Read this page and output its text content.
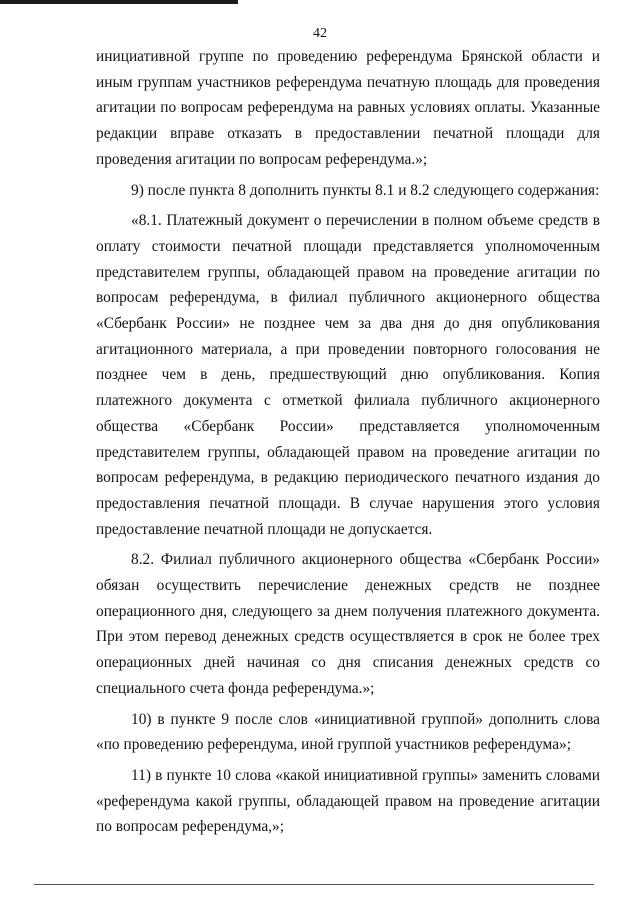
42

инициативной группе по проведению референдума Брянской области и иным группам участников референдума печатную площадь для проведения агитации по вопросам референдума на равных условиях оплаты. Указанные редакции вправе отказать в предоставлении печатной площади для проведения агитации по вопросам референдума.»;

9) после пункта 8 дополнить пункты 8.1 и 8.2 следующего содержания:

«8.1. Платежный документ о перечислении в полном объеме средств в оплату стоимости печатной площади представляется уполномоченным представителем группы, обладающей правом на проведение агитации по вопросам референдума, в филиал публичного акционерного общества «Сбербанк России» не позднее чем за два дня до дня опубликования агитационного материала, а при проведении повторного голосования не позднее чем в день, предшествующий дню опубликования. Копия платежного документа с отметкой филиала публичного акционерного общества «Сбербанк России» представляется уполномоченным представителем группы, обладающей правом на проведение агитации по вопросам референдума, в редакцию периодического печатного издания до предоставления печатной площади. В случае нарушения этого условия предоставление печатной площади не допускается.

8.2. Филиал публичного акционерного общества «Сбербанк России» обязан осуществить перечисление денежных средств не позднее операционного дня, следующего за днем получения платежного документа. При этом перевод денежных средств осуществляется в срок не более трех операционных дней начиная со дня списания денежных средств со специального счета фонда референдума.»;

10) в пункте 9 после слов «инициативной группой» дополнить слова «по проведению референдума, иной группой участников референдума»;

11) в пункте 10 слова «какой инициативной группы» заменить словами «референдума какой группы, обладающей правом на проведение агитации по вопросам референдума,»;
